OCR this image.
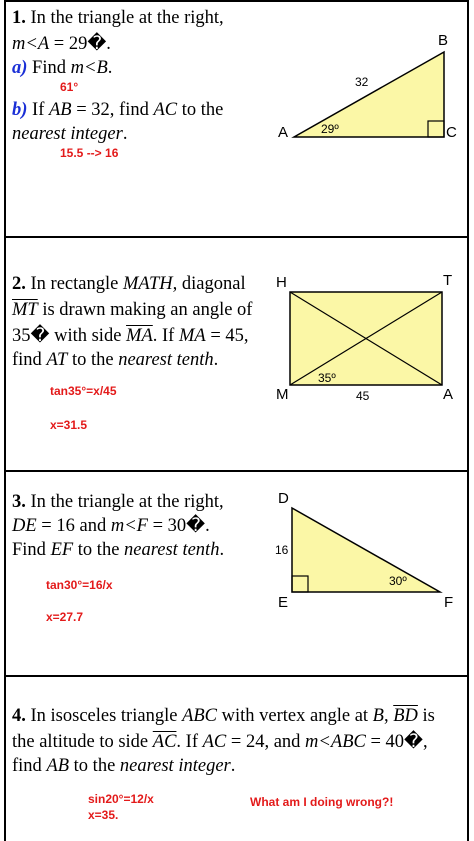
1. In the triangle at the right,
m<A = 29�.
a) Find m<B.
61°
b) If AB = 32, find AC to the
nearest integer.
15.5 --> 16
B
A	C
32
29º
2. In rectangle MATH, diagonal
$\overline{MT}$ is drawn making an angle of
35� with side $\overline{MA}$. If MA = 45,
find AT to the nearest tenth.
tan35°=x/45
x=31.5
H	T
M	A
35º
45
3. In the triangle at the right,
DE = 16 and m<F = 30�.
Find EF to the nearest tenth.
tan30°=16/x
x=27.7
D
E	F
16
30º
4. In isosceles triangle ABC with vertex angle at B, $\overline{BD}$ is
the altitude to side $\overline{AC}$. If AC = 24, and m<ABC = 40�,
find AB to the nearest integer.
sin20°=12/x
x=35.
What am I doing wrong?!
